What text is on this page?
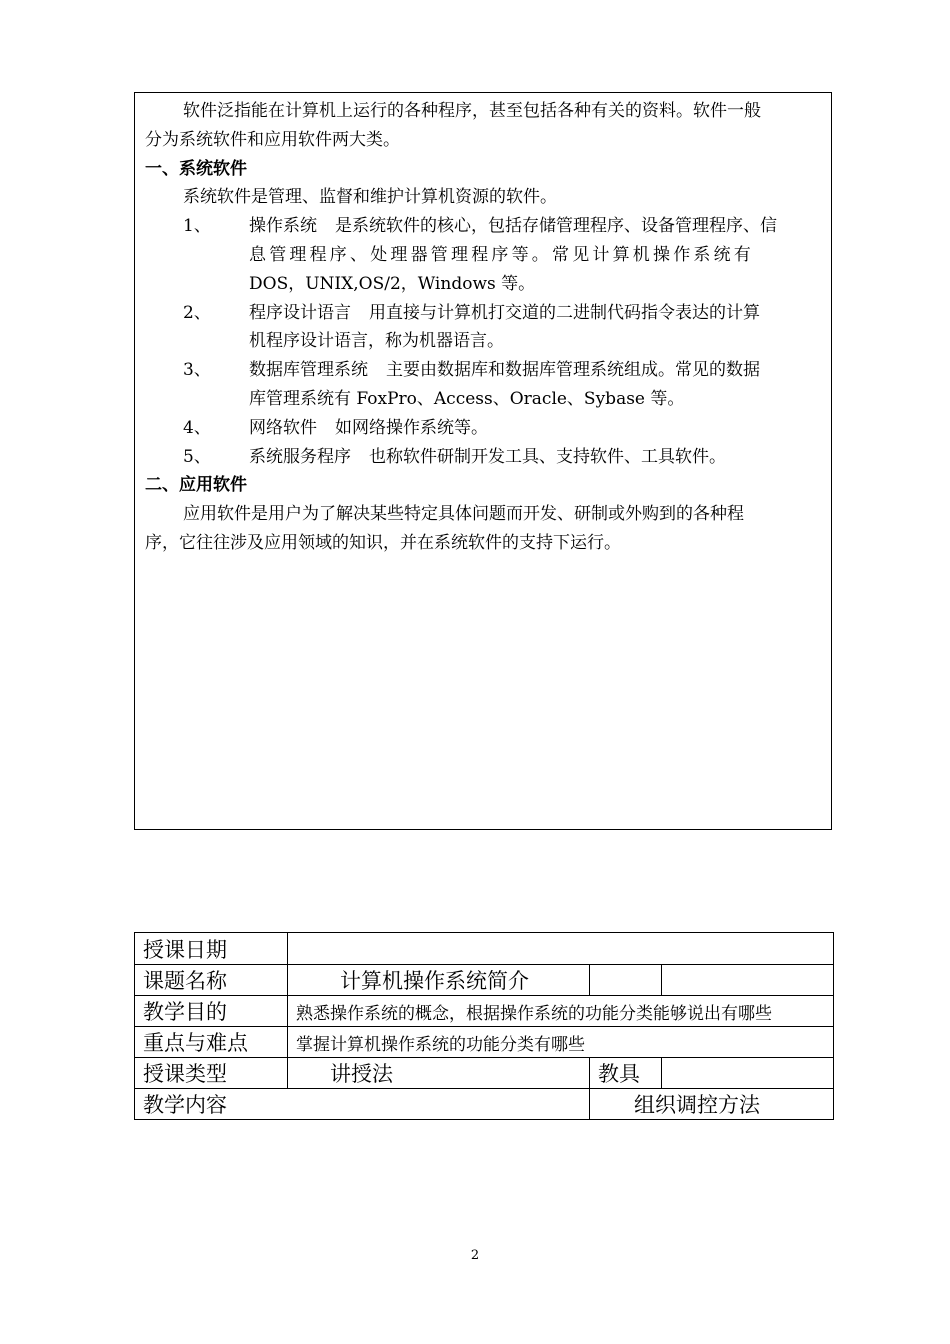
软件泛指能在计算机上运行的各种程序，甚至包括各种有关的资料。软件一般
分为系统软件和应用软件两大类。
一、系统软件
系统软件是管理、监督和维护计算机资源的软件。
1、	操作系统 是系统软件的核心，包括存储管理程序、设备管理程序、信
息管理程序、处理器管理程序等。常见计算机操作系统有
DOS，UNIX,OS/2，Windows 等。
2、	程序设计语言 用直接与计算机打交道的二进制代码指令表达的计算
机程序设计语言，称为机器语言。
3、	数据库管理系统 主要由数据库和数据库管理系统组成。常见的数据
库管理系统有 FoxPro、Access、Oracle、Sybase 等。
4、	网络软件 如网络操作系统等。
5、	系统服务程序 也称软件研制开发工具、支持软件、工具软件。
二、应用软件
应用软件是用户为了解决某些特定具体问题而开发、研制或外购到的各种程
序，它往往涉及应用领域的知识，并在系统软件的支持下运行。
授课日期			
课题名称	计算机操作系统简介		
教学目的	熟悉操作系统的概念，根据操作系统的功能分类能够说出有哪些		
重点与难点	掌握计算机操作系统的功能分类有哪些		
授课类型	讲授法	教具	
教学内容		组织调控方法	
2
